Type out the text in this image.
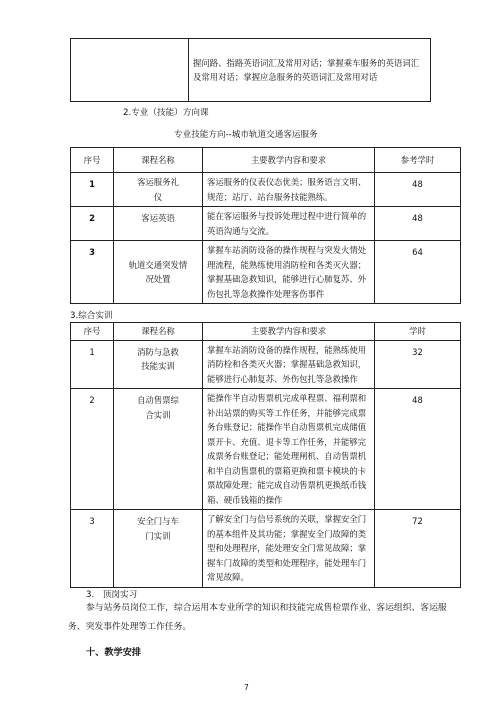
	握问路、指路英语词汇及常用对话；掌握乘车服务的英语词汇及常用对话；掌握应急服务的英语词汇及常用对话
2.专业（技能）方向课
专业技能方向--城市轨道交通客运服务
序号	课程名称	主要教学内容和要求	参考学时
1	客运服务礼仪	客运服务的仪表仪态优美；服务语言文明、规范；站厅、站台服务技能熟练。	48
2	客运英语	能在客运服务与投诉处理过程中进行简单的英语沟通与交流。	48
3	轨道交通突发情况处置	掌握车站消防设备的操作规程与突发火情处理流程，能熟练使用消防栓和各类灭火器；掌握基础急救知识，能够进行心肺复苏、外伤包扎等急救操作处理客伤事件	64
3.综合实训
序号	课程名称	主要教学内容和要求	学时
1	消防与急救技能实训	掌握车站消防设备的操作规程，能熟练使用消防栓和各类灭火器；掌握基础急救知识，能够进行心肺复苏、外伤包扎等急救操作	32
2	自动售票综合实训	能操作半自动售票机完成单程票、福利票和补出站票的购买等工作任务，并能够完成票务台账登记；能操作半自动售票机完成储值票开卡、充值、退卡等工作任务，并能够完成票务台账登记；能处理闸机、自动售票机和半自动售票机的票箱更换和票卡模块的卡票故障处理；能完成自动售票机更换纸币钱箱、硬币钱箱的操作	48
3	安全门与车门实训	了解安全门与信号系统的关联，掌握安全门的基本组件及其功能；掌握安全门故障的类型和处理程序，能处理安全门常见故障；掌握车门故障的类型和处理程序，能处理车门常见故障。	72
3.　顶岗实习
参与站务员岗位工作，综合运用本专业所学的知识和技能完成售检票作业、客运组织、客运服务、突发事件处理等工作任务。
十、教学安排
7
